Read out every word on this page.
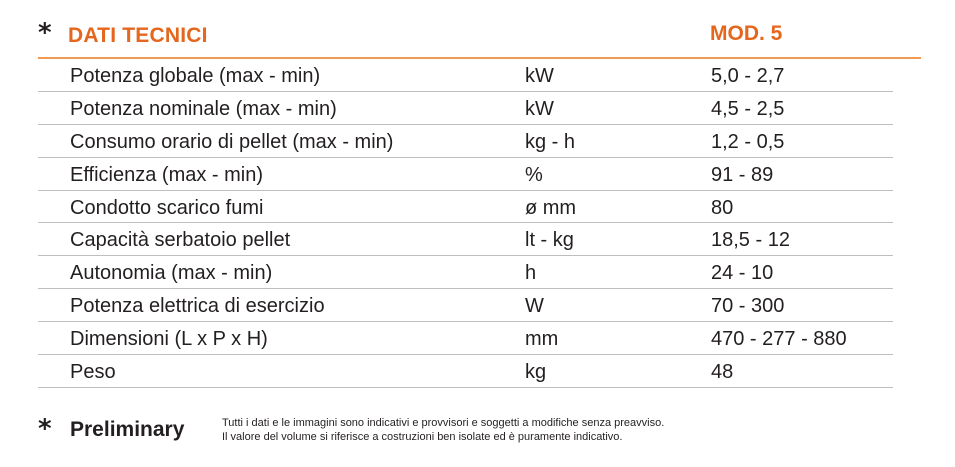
* DATI TECNICI	MOD. 5
Potenza globale (max - min)	kW	5,0 - 2,7
Potenza nominale (max - min)	kW	4,5 - 2,5
Consumo orario di pellet (max - min)	kg - h	1,2 - 0,5
Efficienza (max - min)	%	91 - 89
Condotto scarico fumi	ø mm	80
Capacità serbatoio pellet	lt - kg	18,5 - 12
Autonomia (max - min)	h	24 - 10
Potenza elettrica di esercizio	W	70 - 300
Dimensioni (L x P x H)	mm	470 - 277 - 880
Peso	kg	48
* Preliminary	Tutti i dati e le immagini sono indicativi e provvisori e soggetti a modifiche senza preavviso.
Il valore del volume si riferisce a costruzioni ben isolate ed è puramente indicativo.
